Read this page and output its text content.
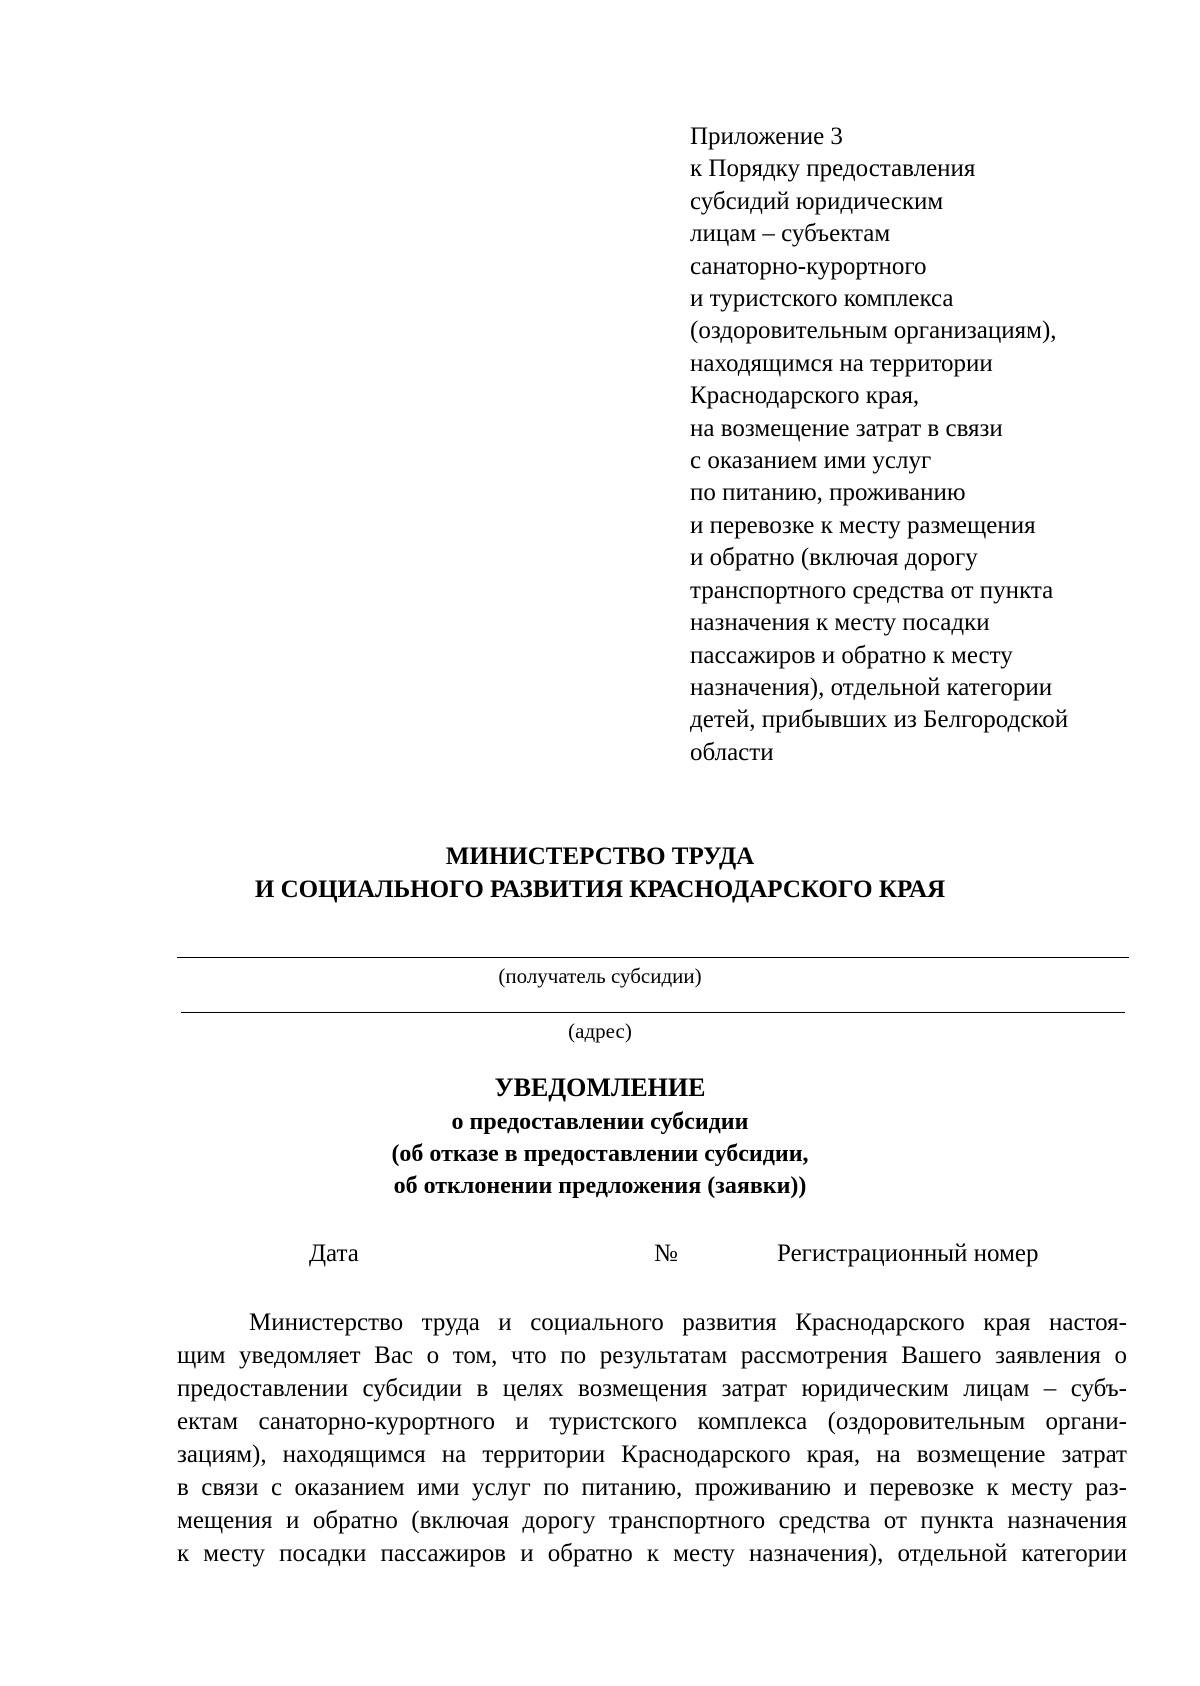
Приложение 3
к Порядку предоставления
субсидий юридическим
лицам – субъектам
санаторно-курортного
и туристского комплекса
(оздоровительным организациям),
находящимся на территории
Краснодарского края,
на возмещение затрат в связи
с оказанием ими услуг
по питанию, проживанию
и перевозке к месту размещения
и обратно (включая дорогу
транспортного средства от пункта
назначения к месту посадки
пассажиров и обратно к месту
назначения), отдельной категории
детей, прибывших из Белгородской
области
МИНИСТЕРСТВО ТРУДА
И СОЦИАЛЬНОГО РАЗВИТИЯ КРАСНОДАРСКОГО КРАЯ
(получатель субсидии)
(адрес)
УВЕДОМЛЕНИЕ
о предоставлении субсидии
(об отказе в предоставлении субсидии,
об отклонении предложения (заявки))
Дата	№	Регистрационный номер
Министерство труда и социального развития Краснодарского края настоя-
щим уведомляет Вас о том, что по результатам рассмотрения Вашего заявления о
предоставлении субсидии в целях возмещения затрат юридическим лицам – субъ-
ектам санаторно-курортного и туристского комплекса (оздоровительным органи-
зациям), находящимся на территории Краснодарского края, на возмещение затрат
в связи с оказанием ими услуг по питанию, проживанию и перевозке к месту раз-
мещения и обратно (включая дорогу транспортного средства от пункта назначения
к месту посадки пассажиров и обратно к месту назначения), отдельной категории
